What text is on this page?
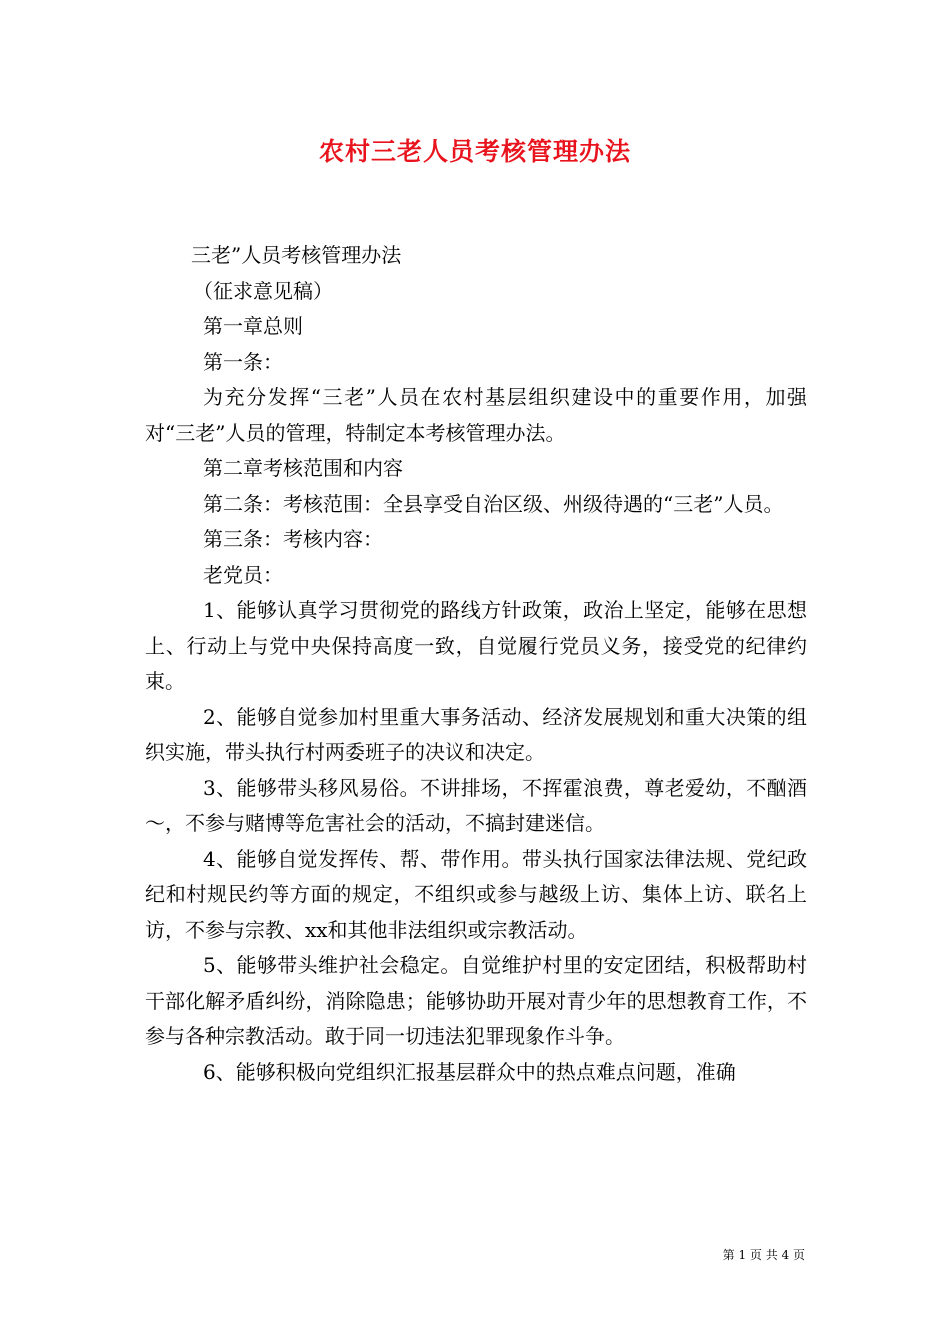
农村三老人员考核管理办法

三老”人员考核管理办法

（征求意见稿）

第一章总则

第一条：

为充分发挥“三老”人员在农村基层组织建设中的重要作用，加强对“三老”人员的管理，特制定本考核管理办法。

第二章考核范围和内容

第二条：考核范围：全县享受自治区级、州级待遇的“三老”人员。

第三条：考核内容：

老党员：

1、能够认真学习贯彻党的路线方针政策，政治上坚定，能够在思想上、行动上与党中央保持高度一致，自觉履行党员义务，接受党的纪律约束。

2、能够自觉参加村里重大事务活动、经济发展规划和重大决策的组织实施，带头执行村两委班子的决议和决定。

3、能够带头移风易俗。不讲排场，不挥霍浪费，尊老爱幼，不酗酒～，不参与赌博等危害社会的活动，不搞封建迷信。

4、能够自觉发挥传、帮、带作用。带头执行国家法律法规、党纪政纪和村规民约等方面的规定，不组织或参与越级上访、集体上访、联名上访，不参与宗教、xx和其他非法组织或宗教活动。

5、能够带头维护社会稳定。自觉维护村里的安定团结，积极帮助村干部化解矛盾纠纷，消除隐患；能够协助开展对青少年的思想教育工作，不参与各种宗教活动。敢于同一切违法犯罪现象作斗争。

6、能够积极向党组织汇报基层群众中的热点难点问题，准确

第 1 页 共 4 页
